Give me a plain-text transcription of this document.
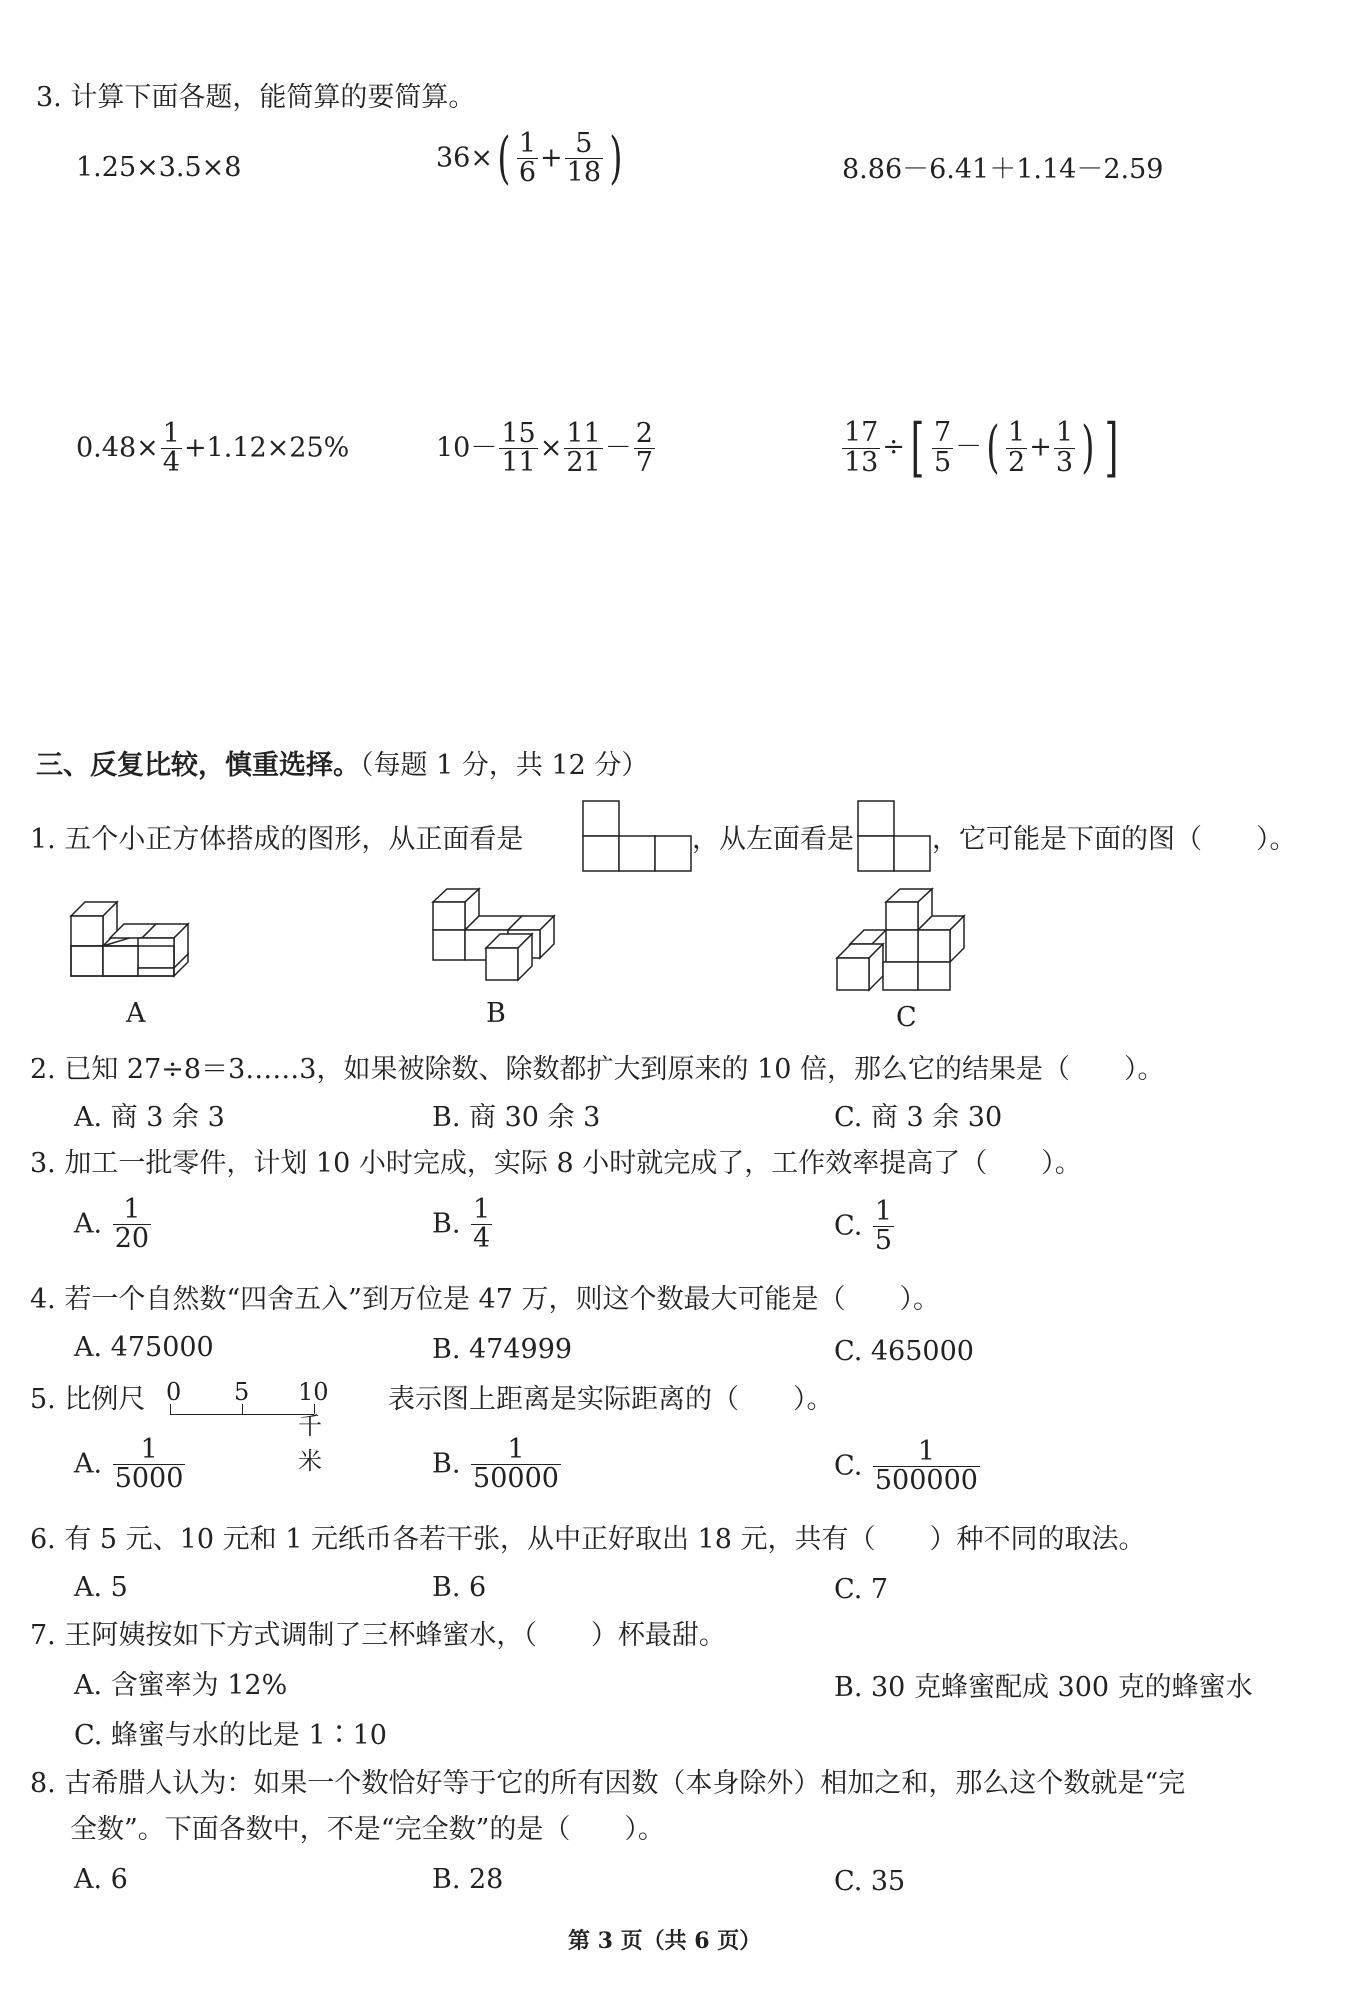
3. 计算下面各题，能简算的要简算。
1.25×3.5×8	$36\times( \frac{1}{6} + \frac{5}{18}$ )	8.86－6.41＋1.14－2.59
$0.48\times \frac{1}{4} +1.12\times 25\%$	$10- \frac{15}{11} \times \frac{11}{21} - \frac{2}{7}$	$\frac{17}{13}$ ÷[ $\frac{7}{5}$ －( $\frac{1}{2} + \frac{1}{3}$ ) ]
三、反复比较，慎重选择。（每题 1 分，共 12 分）
1. 五个小正方体搭成的图形，从正面看是	，从左面看是	，它可能是下面的图（　　）。
A	B	C
2. 已知 27÷8＝3……3，如果被除数、除数都扩大到原来的 10 倍，那么它的结果是（　　）。
A. 商 3 余 3	B. 商 30 余 3	C. 商 3 余 30
3. 加工一批零件，计划 10 小时完成，实际 8 小时就完成了，工作效率提高了（　　）。
A. $\frac{1}{20}$	B. $\frac{1}{4}$	C. $\frac{1}{5}$
4. 若一个自然数“四舍五入”到万位是 47 万，则这个数最大可能是（　　）。
A. 475000	B. 474999	C. 465000
5. 比例尺 0 5 10千米
表示图上距离是实际距离的（　　）。
A. $\frac{1}{5000}$	B. $\frac{1}{50000}$	C. $\frac{1}{500000}$
6. 有 5 元、10 元和 1 元纸币各若干张，从中正好取出 18 元，共有（　　）种不同的取法。
A. 5	B. 6	C. 7
7. 王阿姨按如下方式调制了三杯蜂蜜水，（　　）杯最甜。
A. 含蜜率为 12%	B. 30 克蜂蜜配成 300 克的蜂蜜水
C. 蜂蜜与水的比是 1∶10
8. 古希腊人认为：如果一个数恰好等于它的所有因数（本身除外）相加之和，那么这个数就是“完
全数”。下面各数中，不是“完全数”的是（　　）。
A. 6	B. 28	C. 35
第 3 页（共 6 页）
